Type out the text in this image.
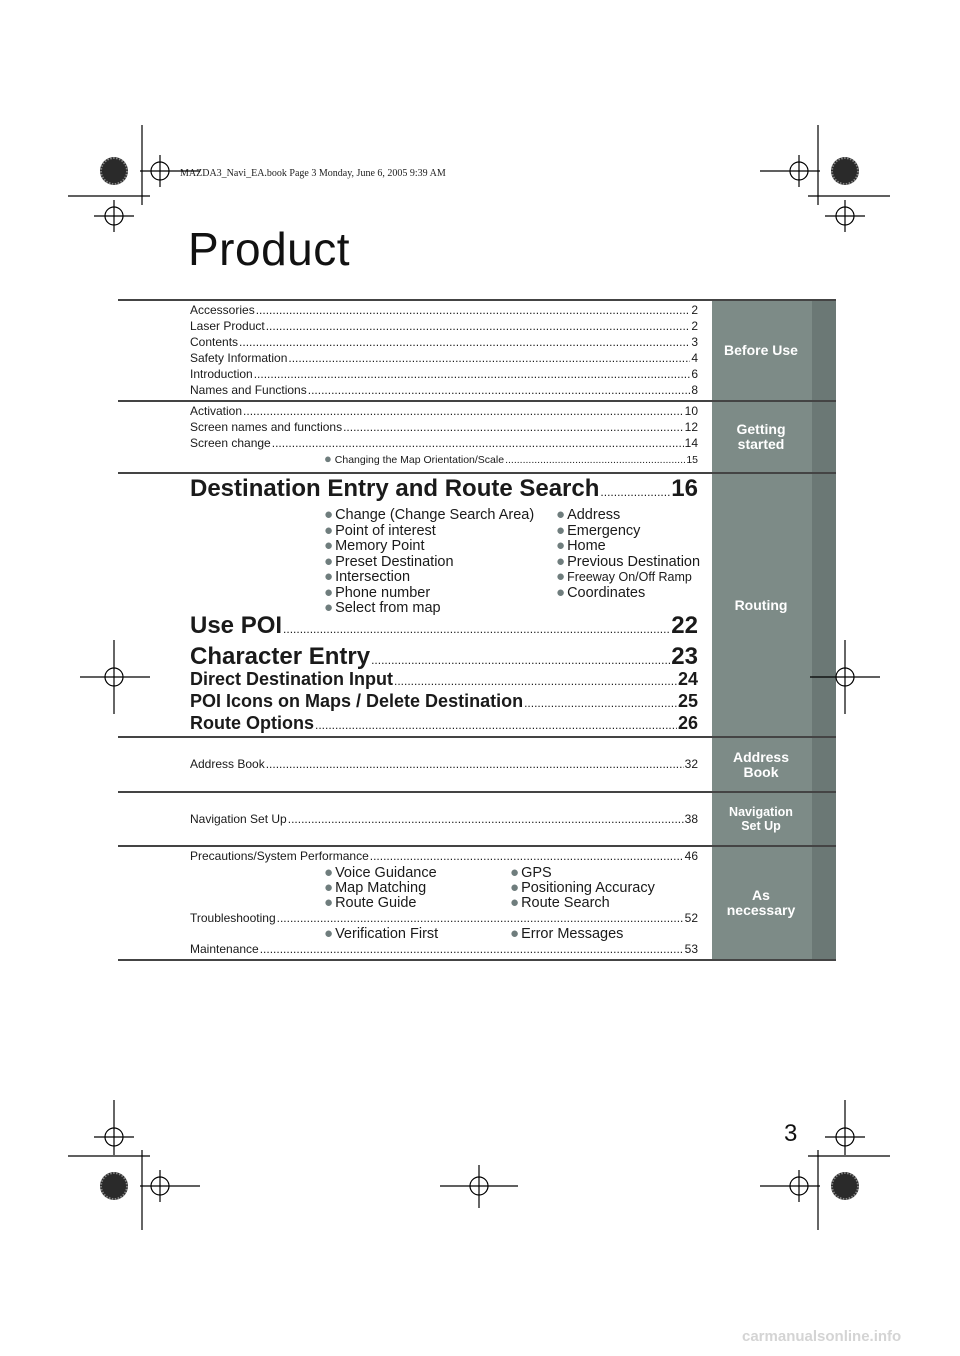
MAZDA3_Navi_EA.book Page 3 Monday, June 6, 2005 9:39 AM
Product
Before Use
Getting
started
Routing
Address
Book
Navigation
Set Up
As
necessary
Accessories .....	2
Laser Product .....	2
Contents .....	3
Safety Information .....	4
Introduction .....	6
Names and Functions .....	8
Activation .....	10
Screen names and functions .....	12
Screen change .....	14
● Changing the Map Orientation/Scale .....	15
Destination Entry and Route Search .....	16
● Change (Change Search Area)
● Point of interest
● Memory Point
● Preset Destination
● Intersection
● Phone number
● Select from map
● Address
● Emergency
● Home
● Previous Destination
● Freeway On/Off Ramp
● Coordinates
Use POI .....	22
Character Entry .....	23
Direct Destination Input .....	24
POI Icons on Maps / Delete Destination .....	25
Route Options .....	26
Address Book .....	32
Navigation Set Up .....	38
Precautions/System Performance .....	46
● Voice Guidance
● Map Matching
● Route Guide
● GPS
● Positioning Accuracy
● Route Search
Troubleshooting .....	52
● Verification First	● Error Messages
Maintenance .....	53
3
carmanualsonline.info
